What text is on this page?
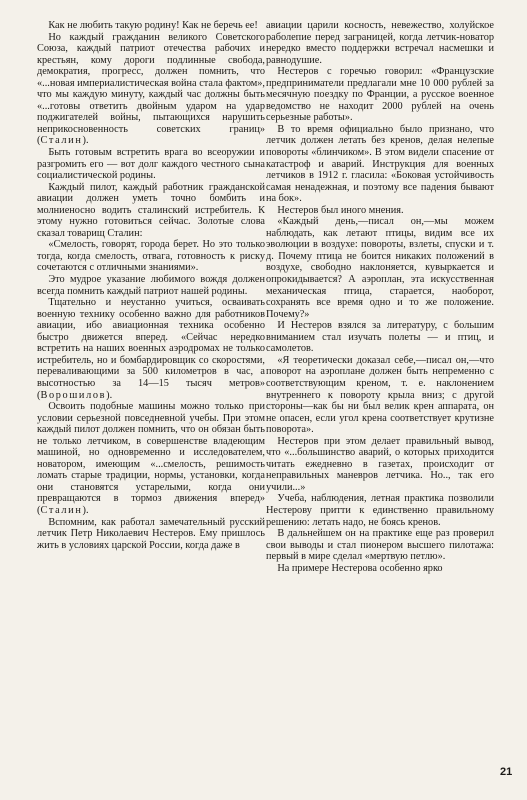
Как не любить такую родину! Как не беречь ее!

Но каждый гражданин великого Советского Союза, каждый патриот отечества рабочих и крестьян, кому дороги подлинные свобода, демократия, прогресс, должен помнить, что «...новая империалистическая война стала фактом», что мы каждую минуту, каждый час должны быть «...готовы ответить двойным ударом на удар поджигателей войны, пытающихся нарушить неприкосновенность советских границ» (Сталин).

Быть готовым встретить врага во всеоружии и разгромить его — вот долг каждого честного сына социалистической родины.

Каждый пилот, каждый работник гражданской авиации должен уметь точно бомбить и молниеносно водить сталинский истребитель. К этому нужно готовиться сейчас. Золотые слова сказал товарищ Сталин:

«Смелость, говорят, города берет. Но это только тогда, когда смелость, отвага, готовность к риску сочетаются с отличными знаниями».

Это мудрое указание любимого вождя должен всегда помнить каждый патриот нашей родины.

Тщательно и неустанно учиться, осваивать военную технику особенно важно для работников авиации, ибо авиационная техника особенно быстро движется вперед. «Сейчас нередко встретить на наших военных аэродромах не только истребитель, но и бомбардировщик со скоростями, переваливающими за 500 километров в час, а высотностью за 14—15 тысяч метров» (Ворошилов).

Освоить подобные машины можно только при условии серьезной повседневной учебы. При этом каждый пилот должен помнить, что он обязан быть не только летчиком, в совершенстве владеющим машиной, но одновременно и исследователем, новатором, имеющим «...смелость, решимость ломать старые традиции, нормы, установки, когда они становятся устарелыми, когда они превращаются в тормоз движения вперед» (Сталин).

Вспомним, как работал замечательный русский летчик Петр Николаевич Нестеров. Ему пришлось жить в условиях царской России, когда даже в

авиации царили косность, невежество, холуйское раболепие перед заграницей, когда летчик-новатор нередко вместо поддержки встречал насмешки и равнодушие.

Нестеров с горечью говорил: «Французские предприниматели предлагали мне 10 000 рублей за месячную поездку по Франции, а русское военное ведомство не находит 2000 рублей на очень серьезные работы».

В то время официально было признано, что летчик должен летать без кренов, делая нелепые повороты «блинчиком». В этом видели спасение от катастроф и аварий. Инструкция для военных летчиков в 1912 г. гласила: «Боковая устойчивость самая ненадежная, и поэтому все падения бывают на бок».

Нестеров был иного мнения.

«Каждый день,—писал он,—мы можем наблюдать, как летают птицы, видим все их эволюции в воздухе: повороты, взлеты, спуски и т. д. Почему птица не боится никаких положений в воздухе, свободно наклоняется, кувыркается и опрокидывается? А аэроплан, эта искусственная механическая птица, старается, наоборот, сохранять все время одно и то же положение. Почему?»

И Нестеров взялся за литературу, с большим вниманием стал изучать полеты — и птиц, и самолетов.

«Я теоретически доказал себе,—писал он,—что поворот на аэроплане должен быть непременно с соответствующим креном, т. е. наклонением внутреннего к повороту крыла вниз; с другой стороны—как бы ни был велик крен аппарата, он не опасен, если угол крена соответствует крутизне поворота».

Нестеров при этом делает правильный вывод, что «...большинство аварий, о которых приходится читать ежедневно в газетах, происходит от неправильных маневров летчика. Но.., так его учили...»

Учеба, наблюдения, летная практика позволили Нестерову притти к единственно правильному решению: летать надо, не боясь кренов.

В дальнейшем он на практике еще раз проверил свои выводы и стал пионером высшего пилотажа: первый в мире сделал «мертвую петлю».

На примере Нестерова особенно ярко

21
